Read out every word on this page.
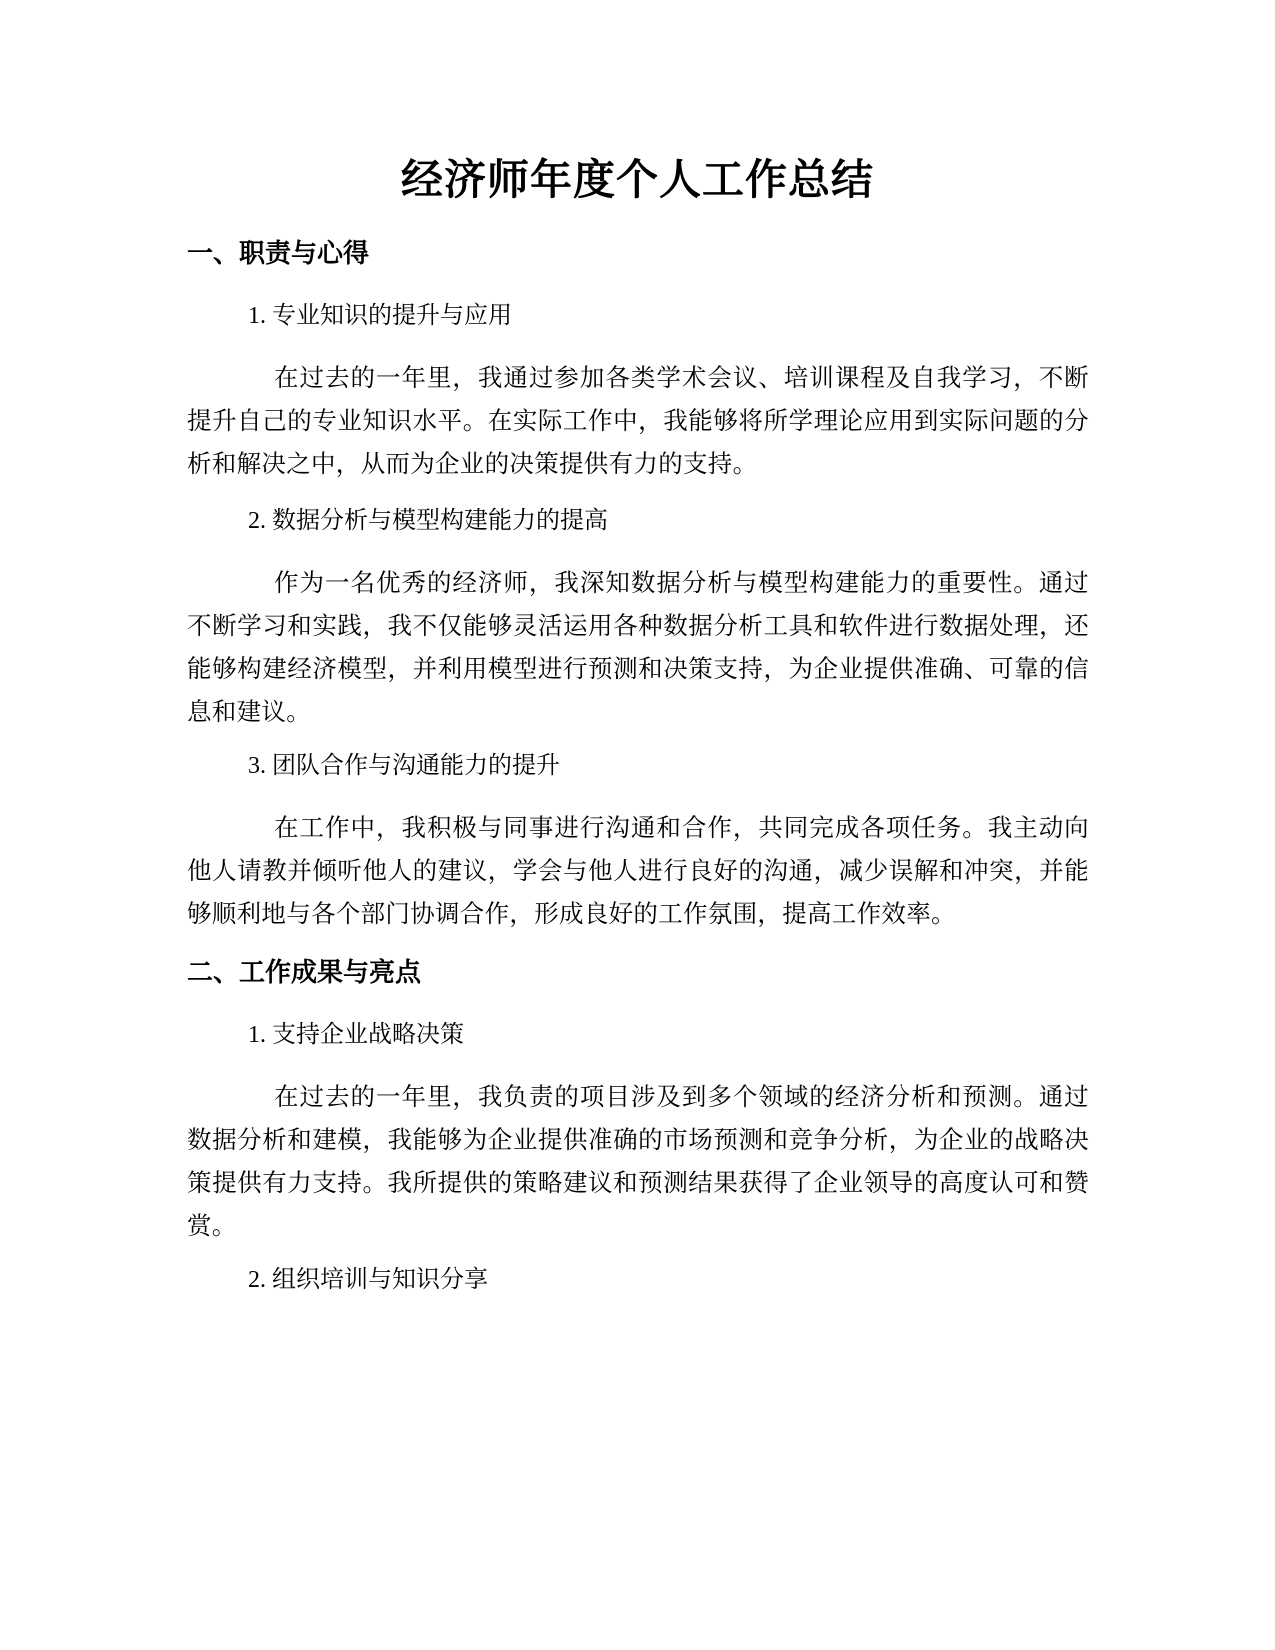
经济师年度个人工作总结
一、职责与心得

1. 专业知识的提升与应用

在过去的一年里，我通过参加各类学术会议、培训课程及自我学习，不断提升自己的专业知识水平。在实际工作中，我能够将所学理论应用到实际问题的分析和解决之中，从而为企业的决策提供有力的支持。

2. 数据分析与模型构建能力的提高

作为一名优秀的经济师，我深知数据分析与模型构建能力的重要性。通过不断学习和实践，我不仅能够灵活运用各种数据分析工具和软件进行数据处理，还能够构建经济模型，并利用模型进行预测和决策支持，为企业提供准确、可靠的信息和建议。

3. 团队合作与沟通能力的提升

在工作中，我积极与同事进行沟通和合作，共同完成各项任务。我主动向他人请教并倾听他人的建议，学会与他人进行良好的沟通，减少误解和冲突，并能够顺利地与各个部门协调合作，形成良好的工作氛围，提高工作效率。

二、工作成果与亮点

1. 支持企业战略决策

在过去的一年里，我负责的项目涉及到多个领域的经济分析和预测。通过数据分析和建模，我能够为企业提供准确的市场预测和竞争分析，为企业的战略决策提供有力支持。我所提供的策略建议和预测结果获得了企业领导的高度认可和赞赏。

2. 组织培训与知识分享
